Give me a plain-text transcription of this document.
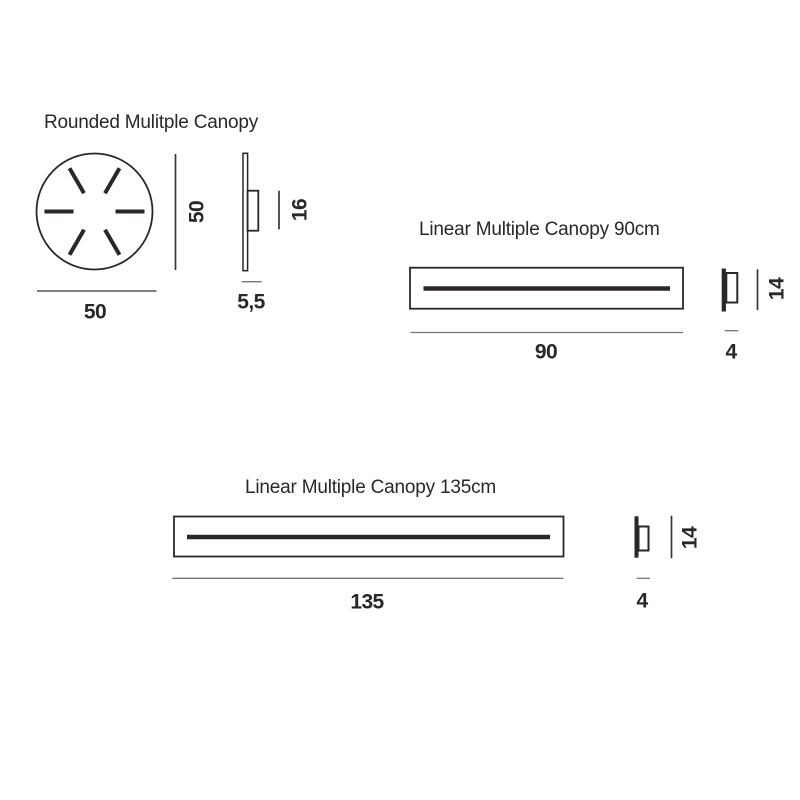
Rounded Mulitple Canopy
50
50
16
5,5
Linear Multiple Canopy 90cm
90
14
4
Linear Multiple Canopy 135cm
135
14
4
